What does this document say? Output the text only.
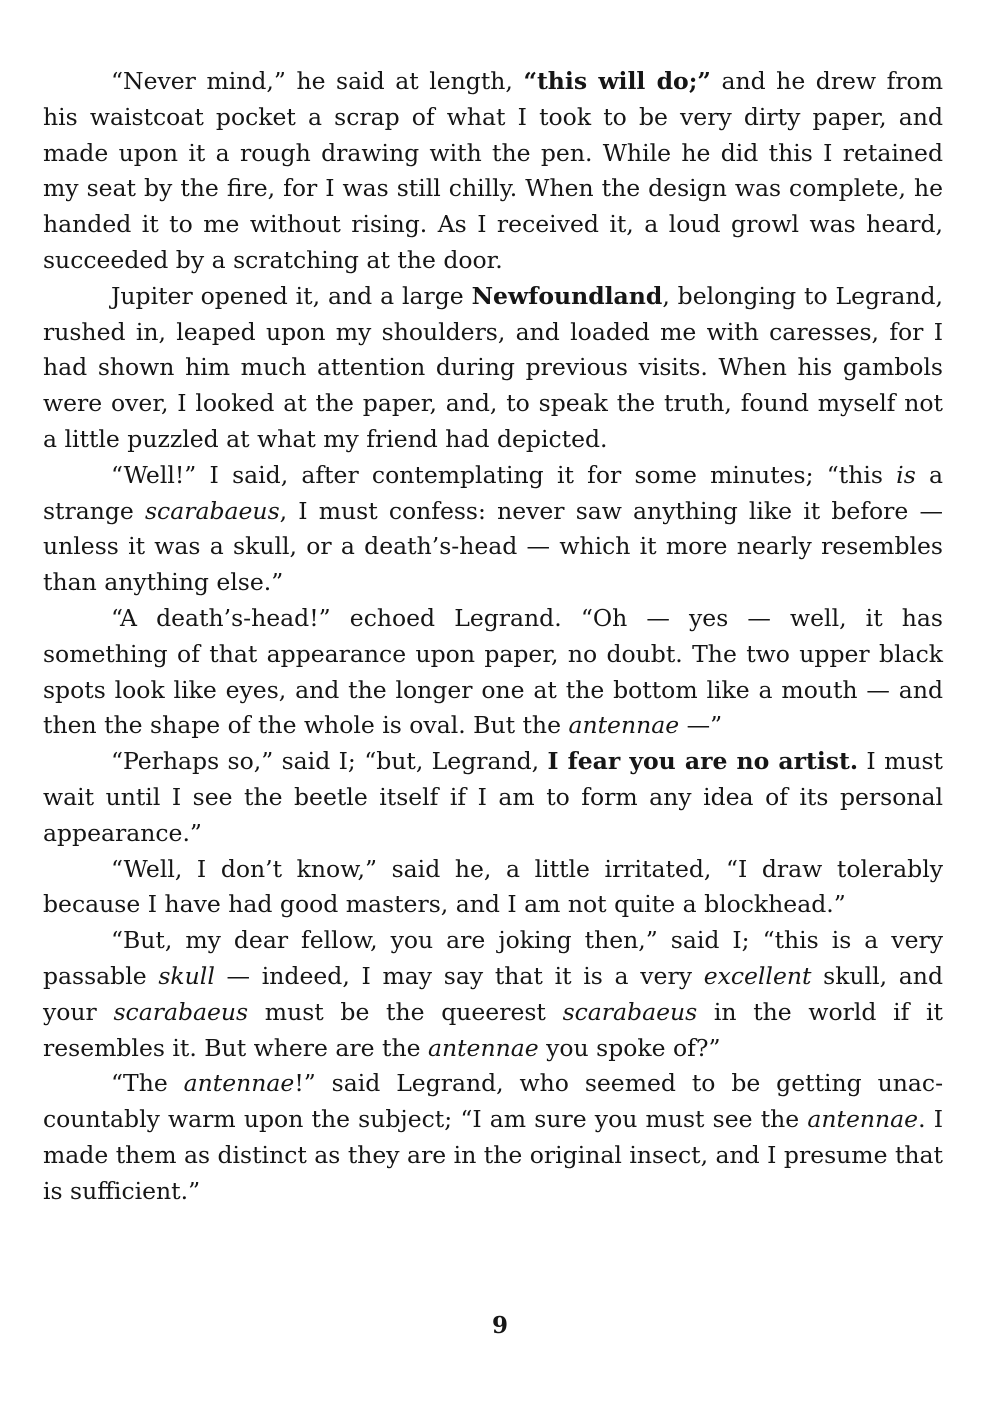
“Never mind,” he said at length, “this will do;” and he drew from his waistcoat pocket a scrap of what I took to be very dirty paper, and made upon it a rough drawing with the pen. While he did this I retained my seat by the fire, for I was still chilly. When the design was complete, he handed it to me without rising. As I received it, a loud growl was heard, succeeded by a scratching at the door.

Jupiter opened it, and a large Newfoundland, belonging to Legrand, rushed in, leaped upon my shoulders, and loaded me with caresses, for I had shown him much attention during previous visits. When his gambols were over, I looked at the paper, and, to speak the truth, found myself not a little puzzled at what my friend had depicted.

“Well!” I said, after contemplating it for some minutes; “this is a strange scarabaeus, I must confess: never saw anything like it before — unless it was a skull, or a death’s-head — which it more nearly resembles than anything else.”

“A death’s-head!” echoed Legrand. “Oh — yes — well, it has something of that appearance upon paper, no doubt. The two upper black spots look like eyes, and the longer one at the bottom like a mouth — and then the shape of the whole is oval. But the antennae —”

“Perhaps so,” said I; “but, Legrand, I fear you are no artist. I must wait until I see the beetle itself if I am to form any idea of its personal appearance.”

“Well, I don’t know,” said he, a little irritated, “I draw tolerably because I have had good masters, and I am not quite a blockhead.”

“But, my dear fellow, you are joking then,” said I; “this is a very passable skull — indeed, I may say that it is a very excellent skull, and your scarabaeus must be the queerest scarabaeus in the world if it resembles it. But where are the antennae you spoke of?”

“The antennae!” said Legrand, who seemed to be getting unaccountably warm upon the subject; “I am sure you must see the antennae. I made them as distinct as they are in the original insect, and I presume that is sufficient.”

9
